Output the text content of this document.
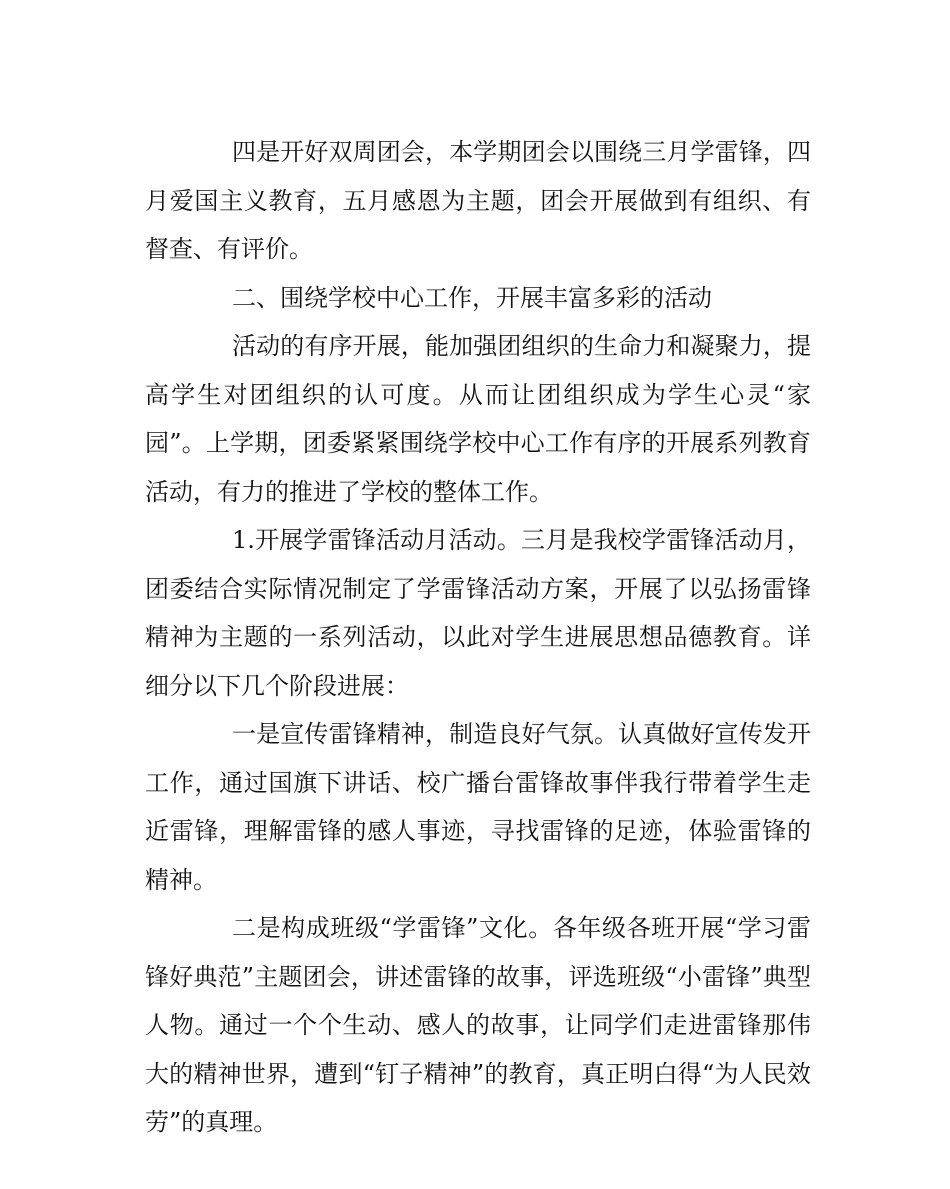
四是开好双周团会，本学期团会以围绕三月学雷锋，四月爱国主义教育，五月感恩为主题，团会开展做到有组织、有督查、有评价。

二、围绕学校中心工作，开展丰富多彩的活动

活动的有序开展，能加强团组织的生命力和凝聚力，提高学生对团组织的认可度。从而让团组织成为学生心灵“家园”。上学期，团委紧紧围绕学校中心工作有序的开展系列教育活动，有力的推进了学校的整体工作。

1.开展学雷锋活动月活动。三月是我校学雷锋活动月，团委结合实际情况制定了学雷锋活动方案，开展了以弘扬雷锋精神为主题的一系列活动，以此对学生进展思想品德教育。详细分以下几个阶段进展：

一是宣传雷锋精神，制造良好气氛。认真做好宣传发开工作，通过国旗下讲话、校广播台雷锋故事伴我行带着学生走近雷锋，理解雷锋的感人事迹，寻找雷锋的足迹，体验雷锋的精神。

二是构成班级“学雷锋”文化。各年级各班开展“学习雷锋好典范”主题团会，讲述雷锋的故事，评选班级“小雷锋”典型人物。通过一个个生动、感人的故事，让同学们走进雷锋那伟大的精神世界，遭到“钉子精神”的教育，真正明白得“为人民效劳”的真理。
